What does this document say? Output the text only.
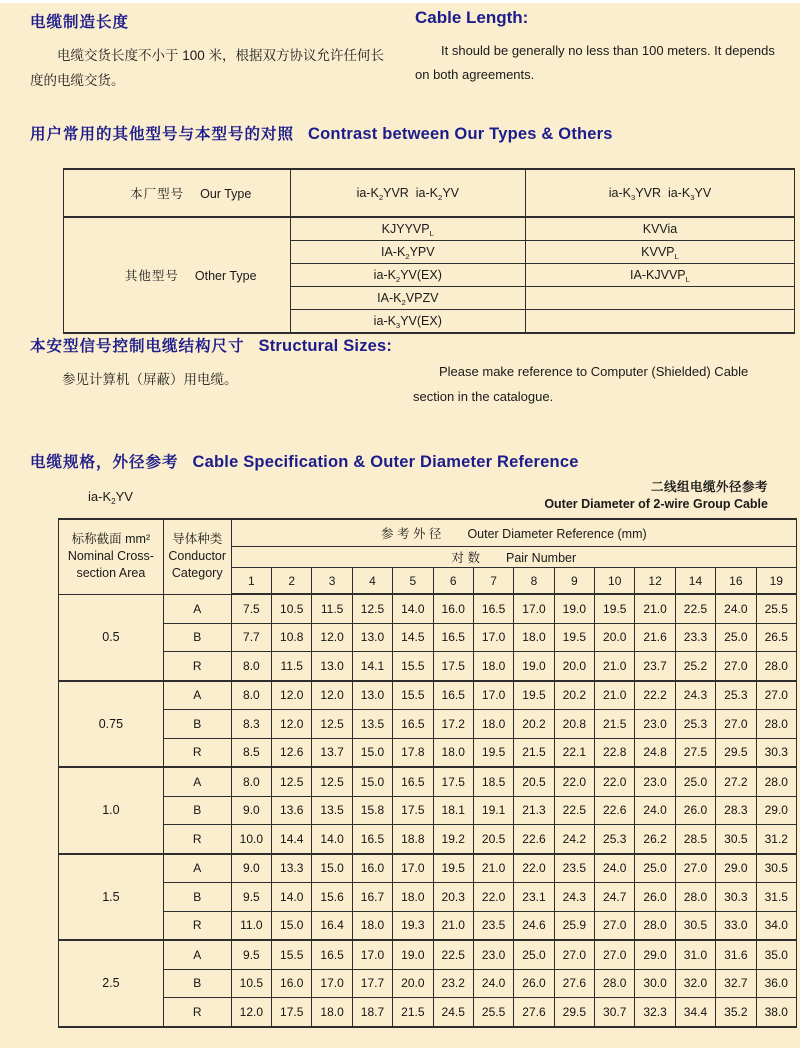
电缆制造长度
电缆交货长度不小于 100 米，根据双方协议允许任何长度的电缆交货。
Cable Length:
It should be generally no less than 100 meters. It depends on both agreements.
用户常用的其他型号与本型号的对照 Contrast between Our Types & Others

本厂型号 Our Type	$ia-K_2YVR$  $ia-K_2YV$	$ia-K_3YVR$  $ia-K_3YV$

其他型号 Other Type	$KJYYVP_L$	KVVia
	$IA-K_2YPV$	$KVVP_L$
	$ia-K_2YV(EX)$	$IA-KJVVP_L$
	$IA-K_2VPZV$	
	$ia-K_3YV(EX)$	
本安型信号控制电缆结构尺寸 Structural Sizes:
参见计算机（屏蔽）用电缆。
Please make reference to Computer (Shielded) Cable section in the catalogue.
电缆规格，外径参考 Cable Specification & Outer Diameter Reference
$ia-K_2YV$
二线组电缆外径参考
Outer Diameter of 2-wire Group Cable
标称截面 mm²
Nominal Cross-
section Area

导体种类
Conductor
Category
	参 考 外 径 Outer Diameter Reference (mm)
		对 数 Pair Number													
		1	2	3	4	5	6	7	8	9	10	12	14	16	19
0.5	A	7.5	10.5	11.5	12.5	14.0	16.0	16.5	17.0	19.0	19.5	21.0	22.5	24.0	25.5
	B	7.7	10.8	12.0	13.0	14.5	16.5	17.0	18.0	19.5	20.0	21.6	23.3	25.0	26.5
	R	8.0	11.5	13.0	14.1	15.5	17.5	18.0	19.0	20.0	21.0	23.7	25.2	27.0	28.0
0.75	A	8.0	12.0	12.0	13.0	15.5	16.5	17.0	19.5	20.2	21.0	22.2	24.3	25.3	27.0
	B	8.3	12.0	12.5	13.5	16.5	17.2	18.0	20.2	20.8	21.5	23.0	25.3	27.0	28.0
	R	8.5	12.6	13.7	15.0	17.8	18.0	19.5	21.5	22.1	22.8	24.8	27.5	29.5	30.3
1.0	A	8.0	12.5	12.5	15.0	16.5	17.5	18.5	20.5	22.0	22.0	23.0	25.0	27.2	28.0
	B	9.0	13.6	13.5	15.8	17.5	18.1	19.1	21.3	22.5	22.6	24.0	26.0	28.3	29.0
	R	10.0	14.4	14.0	16.5	18.8	19.2	20.5	22.6	24.2	25.3	26.2	28.5	30.5	31.2
1.5	A	9.0	13.3	15.0	16.0	17.0	19.5	21.0	22.0	23.5	24.0	25.0	27.0	29.0	30.5
	B	9.5	14.0	15.6	16.7	18.0	20.3	22.0	23.1	24.3	24.7	26.0	28.0	30.3	31.5
	R	11.0	15.0	16.4	18.0	19.3	21.0	23.5	24.6	25.9	27.0	28.0	30.5	33.0	34.0
2.5	A	9.5	15.5	16.5	17.0	19.0	22.5	23.0	25.0	27.0	27.0	29.0	31.0	31.6	35.0
	B	10.5	16.0	17.0	17.7	20.0	23.2	24.0	26.0	27.6	28.0	30.0	32.0	32.7	36.0
	R	12.0	17.5	18.0	18.7	21.5	24.5	25.5	27.6	29.5	30.7	32.3	34.4	35.2	38.0
